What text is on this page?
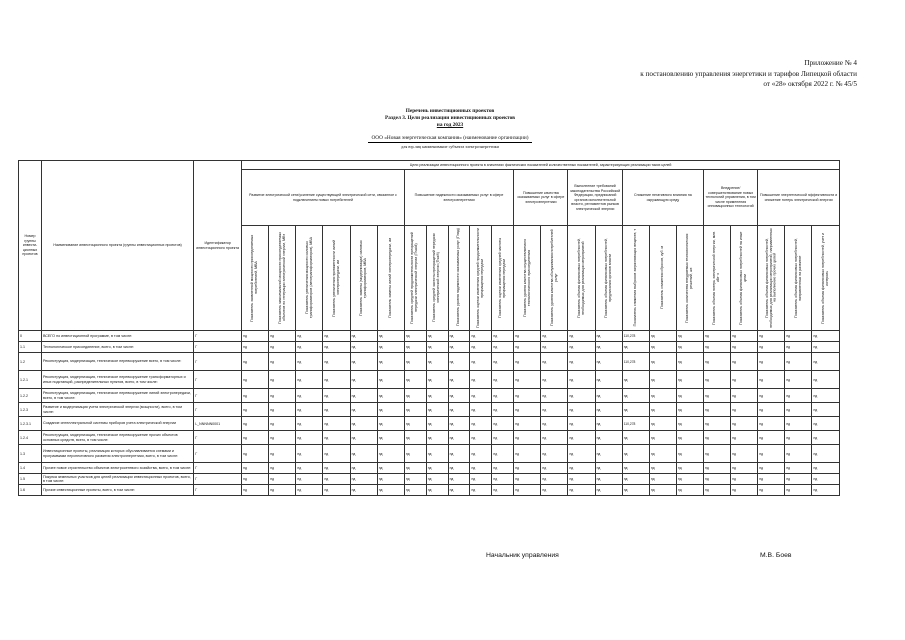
Приложение № 4
к постановлению управления энергетики и тарифов Липецкой области
от «28» октября 2022 г. № 45/5
Перечень инвестиционных проектов
Раздел 3. Цели реализации инвестиционных проектов
на год 2023
ООО «Новая энергетическая компания» (наименование организации)
для юр.лиц наименование субъекта электроэнергетики
Номер группы инвести-ционных проектов	Наименование инвестиционного проекта (группы инвестиционных проектов)	Идентификатор инвестиционного проекта	Цели реализации инвестиционного проекта в значениях фактических показателей количественных показателей, характеризующих реализации таких целей																						
			Развитие электрической сети/усиление существующей электрической сети, связанное с подключением новых потребителей						Повышение надежности оказываемых услуг в сфере электроэнергетики					Повышение качества оказываемых услуг в сфере электроэнергетики		Выполнение требований законодательства Российской Федерации, предписаний органов исполнительной власти, регламентов рынков электрической энергии		Снижение негативного влияния на окружающую среду			Внедрение/совершенствование новых технологий управления, в том числе применения инновационных технологий		Повышение энергетической эффективности и снижение потерь электрической энергии		
			Показатель заявленной мощности присоединяемых потребителей, МВА	Показатель максимальной мощности присоединяемых объектов по генерации электрической энергии, МВт	Показатель увеличения мощности силовых трансформаторов (автотрансформаторов), МВА	Показатель увеличения протяженности линий электропередачи, км	Показатель замены (модернизации) силовых трансформаторов, МВА	Показатель замены линий электропередачи, км	Показатель средней продолжительности прекращений передачи электрической энергии (Пsaidi)	Показатель средней частоты прекращений передачи электрической энергии (Пsaifi)	Показатель уровня надежности оказываемых услуг (Пнад)	Показатель оценки изменения средней продолжительности прекращения передачи	Показатель оценки изменения средней частоты прекращения передачи	Показатель уровня качества осуществляемого технологического присоединения	Показатель уровня качества обслуживания потребителей услуг	Показатель объема финансовых потребностей, необходимых для реализации мероприятий	Показатель объема финансовых потребностей, предписания органов власти	Показатель снижения выбросов загрязняющих веществ, т	Показатель снижения сбросов, куб. м	Показатель количества внедряемых технологических решений, шт.	Показатель объема потерь электрической энергии, млн. кВт·ч	Показатель объема финансовых потребностей на иные цели	Показатель объема финансовых потребностей, необходимых для реализации мероприятий, направленных на выполнение прочих целей	Показатель объема финансовых потребностей, направленных на развитие	Показатель объема финансовых потребностей, учет и контроль
0	ВСЕГО по инвестиционной программе, в том числе:	Г	нд	нд	нд	нд	нд	нд	нд	нд	нд	нд	нд	нд	нд	нд	нд	110,278	нд	нд	нд	нд	нд	нд	нд
1.1	Технологическое присоединение, всего, в том числе:	Г	нд	нд	нд	нд	нд	нд	нд	нд	нд	нд	нд	нд	нд	нд	нд	нд	нд	нд	нд	нд	нд	нд	нд
1.2	Реконструкция, модернизация, техническое перевооружение всего, в том числе:	Г	нд	нд	нд	нд	нд	нд	нд	нд	нд	нд	нд	нд	нд	нд	нд	110,278	нд	нд	нд	нд	нд	нд	нд
1.2.1	Реконструкция, модернизация, техническое перевооружение трансформаторных и иных подстанций, распределительных пунктов, всего, в том числе:	Г	нд	нд	нд	нд	нд	нд	нд	нд	нд	нд	нд	нд	нд	нд	нд	нд	нд	нд	нд	нд	нд	нд	нд
1.2.2	Реконструкция, модернизация, техническое перевооружение линий электропередачи, всего, в том числе:	Г	нд	нд	нд	нд	нд	нд	нд	нд	нд	нд	нд	нд	нд	нд	нд	нд	нд	нд	нд	нд	нд	нд	нд
1.2.3	Развитие и модернизация учета электрической энергии (мощности), всего, в том числе:	Г	нд	нд	нд	нд	нд	нд	нд	нд	нд	нд	нд	нд	нд	нд	нд	нд	нд	нд	нд	нд	нд	нд	нд
1.2.3.1	Создание интеллектуальной системы приборов учета электрической энергии	L_NNNNN0001	нд	нд	нд	нд	нд	нд	нд	нд	нд	нд	нд	нд	нд	нд	нд	110,278	нд	нд	нд	нд	нд	нд	нд
1.2.4	Реконструкция, модернизация, техническое перевооружение прочих объектов основных средств, всего, в том числе:	Г	нд	нд	нд	нд	нд	нд	нд	нд	нд	нд	нд	нд	нд	нд	нд	нд	нд	нд	нд	нд	нд	нд	нд
1.3	Инвестиционные проекты, реализация которых обуславливается схемами и программами перспективного развития электроэнергетики, всего, в том числе:	Г	нд	нд	нд	нд	нд	нд	нд	нд	нд	нд	нд	нд	нд	нд	нд	нд	нд	нд	нд	нд	нд	нд	нд
1.4	Прочее новое строительство объектов электросетевого хозяйства, всего, в том числе:	Г	нд	нд	нд	нд	нд	нд	нд	нд	нд	нд	нд	нд	нд	нд	нд	нд	нд	нд	нд	нд	нд	нд	нд
1.5	Покупка земельных участков для целей реализации инвестиционных проектов, всего, в том числе:	Г	нд	нд	нд	нд	нд	нд	нд	нд	нд	нд	нд	нд	нд	нд	нд	нд	нд	нд	нд	нд	нд	нд	нд
1.6	Прочие инвестиционные проекты, всего, в том числе:	Г	нд	нд	нд	нд	нд	нд	нд	нд	нд	нд	нд	нд	нд	нд	нд	нд	нд	нд	нд	нд	нд	нд	нд
Начальник управления	М.В. Боев
